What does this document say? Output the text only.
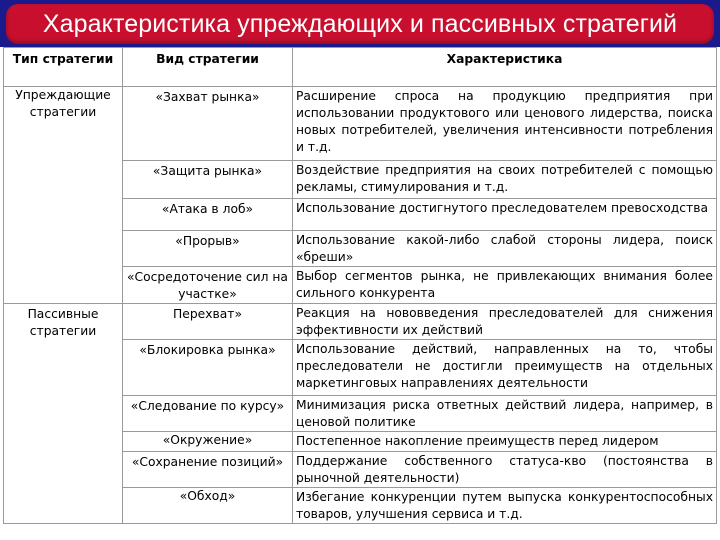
Характеристика упреждающих и пассивных стратегий
Тип стратегии	Вид стратегии	Характеристика
Упреждающие стратегии	«Захват рынка»	Расширение спроса на продукцию предприятия при использовании продуктового или ценового лидерства, поиска новых потребителей, увеличения интенсивности потребления и т.д.
	«Защита рынка»	Воздействие предприятия на своих потребителей с помощью рекламы, стимулирования и т.д.
	«Атака в лоб»	Использование достигнутого преследователем превосходства
	«Прорыв»	Использование какой-либо слабой стороны лидера, поиск «бреши»
	«Сосредоточение сил на участке»	Выбор сегментов рынка, не привлекающих внимания более сильного конкурента
Пассивные стратегии	Перехват»	Реакция на нововведения преследователей для снижения эффективности их действий
	«Блокировка рынка»	Использование действий, направленных на то, чтобы преследователи не достигли преимуществ на отдельных маркетинговых направлениях деятельности
	«Следование по курсу»	Минимизация риска ответных действий лидера, например, в ценовой политике
	«Окружение»	Постепенное накопление преимуществ перед лидером
	«Сохранение позиций»	Поддержание собственного статуса-кво (постоянства в рыночной деятельности)
	«Обход»	Избегание конкуренции путем выпуска конкурентоспособных товаров, улучшения сервиса и т.д.
